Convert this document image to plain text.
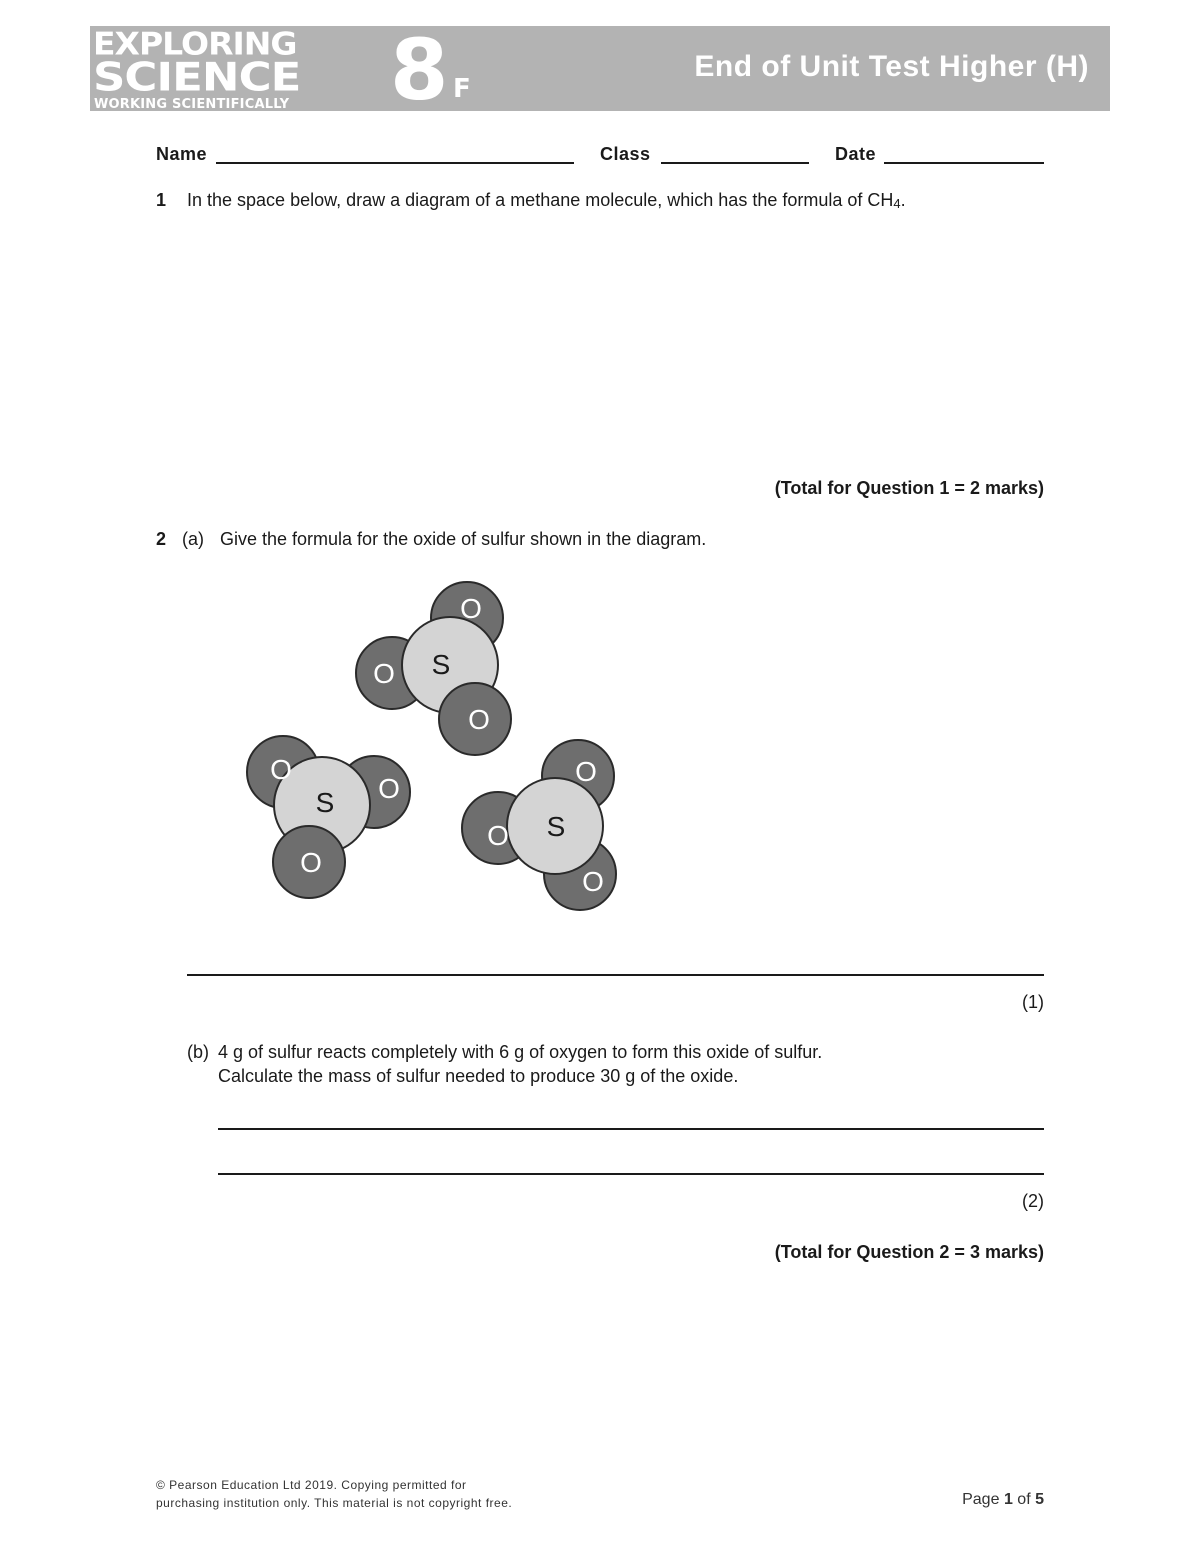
EXPLORING
SCIENCE
WORKING SCIENTIFICALLY 8 F
End of Unit Test Higher (H)
Name	Class	Date
1 In the space below, draw a diagram of a methane molecule, which has the formula of $CH_4$.
(Total for Question 1 = 2 marks)
2 (a) Give the formula for the oxide of sulfur shown in the diagram.
O
O S
O
O
O
S
O
O
O S
O
(1)
(b) 4 g of sulfur reacts completely with 6 g of oxygen to form this oxide of sulfur.
Calculate the mass of sulfur needed to produce 30 g of the oxide.
(2)
(Total for Question 2 = 3 marks)
© Pearson Education Ltd 2019. Copying permitted for
purchasing institution only. This material is not copyright free.	Page 1 of 5
